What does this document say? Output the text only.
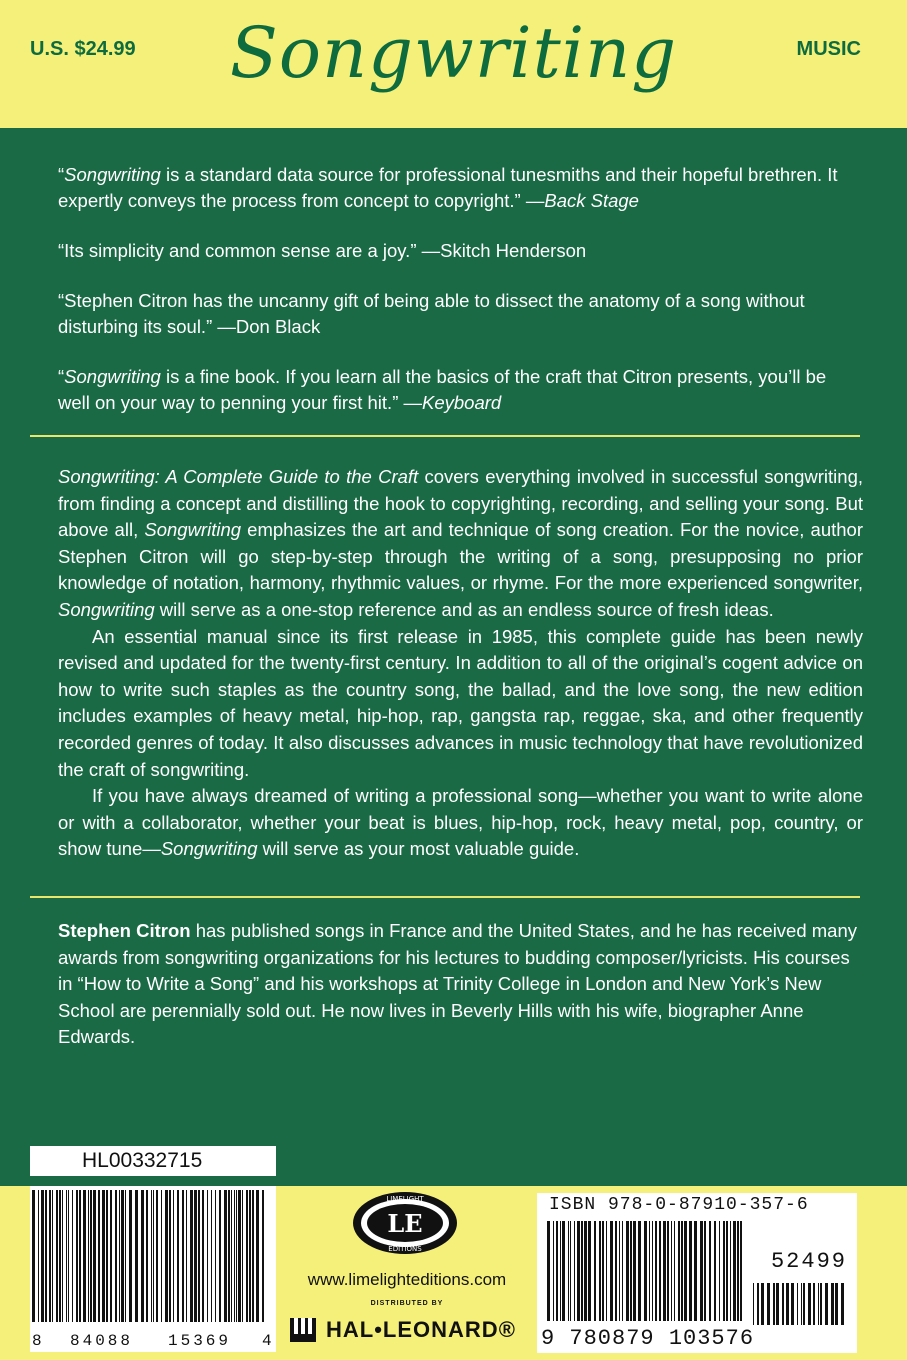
U.S. $24.99	Songwriting	MUSIC
“Songwriting is a standard data source for professional tunesmiths and their hopeful brethren. It expertly conveys the process from concept to copyright.” —Back Stage
“Its simplicity and common sense are a joy.” —Skitch Henderson
“Stephen Citron has the uncanny gift of being able to dissect the anatomy of a song without disturbing its soul.” —Don Black
“Songwriting is a fine book. If you learn all the basics of the craft that Citron presents, you’ll be well on your way to penning your first hit.” —Keyboard

Songwriting: A Complete Guide to the Craft covers everything involved in successful songwriting, from finding a concept and distilling the hook to copyrighting, recording, and selling your song. But above all, Songwriting emphasizes the art and technique of song creation. For the novice, author Stephen Citron will go step-by-step through the writing of a song, presupposing no prior knowledge of notation, harmony, rhythmic values, or rhyme. For the more experienced songwriter, Songwriting will serve as a one-stop reference and as an endless source of fresh ideas.

An essential manual since its first release in 1985, this complete guide has been newly revised and updated for the twenty-first century. In addition to all of the original’s cogent advice on how to write such staples as the country song, the ballad, and the love song, the new edition includes examples of heavy metal, hip-hop, rap, gangsta rap, reggae, ska, and other frequently recorded genres of today. It also discusses advances in music technology that have revolutionized the craft of songwriting.

If you have always dreamed of writing a professional song—whether you want to write alone or with a collaborator, whether your beat is blues, hip-hop, rock, heavy metal, pop, country, or show tune—Songwriting will serve as your most valuable guide.

Stephen Citron has published songs in France and the United States, and he has received many awards from songwriting organizations for his lectures to budding composer/lyricists. His courses in “How to Write a Song” and his workshops at Trinity College in London and New York’s New School are perennially sold out. He now lives in Beverly Hills with his wife, biographer Anne Edwards.
HL00332715
8 84088 15369 4
LE
LIMELIGHT
EDITIONS
www.limelighteditions.com
DISTRIBUTED BY
HAL•LEONARD®
ISBN 978-0-87910-357-6
52499
9 780879 103576
